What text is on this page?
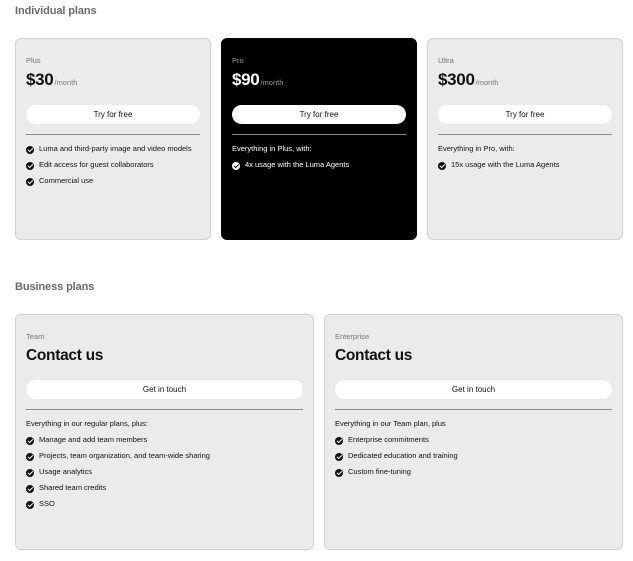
Individual plans
Plus
$30 /month
Try for free
Luma and third-party image and video models
Edit access for guest collaborators
Commercial use
Pro
$90 /month
Try for free
Everything in Plus, with:
4x usage with the Luma Agents
Ultra
$300 /month
Try for free
Everything in Pro, with:
15x usage with the Luma Agents
Business plans
Team
Contact us
Get in touch
Everything in our regular plans, plus:
Manage and add team members
Projects, team organization, and team-wide sharing
Usage analytics
Shared team credits
SSO
Enterprise
Contact us
Get in touch
Everything in our Team plan, plus
Enterprise commitments
Dedicated education and training
Custom fine-tuning
